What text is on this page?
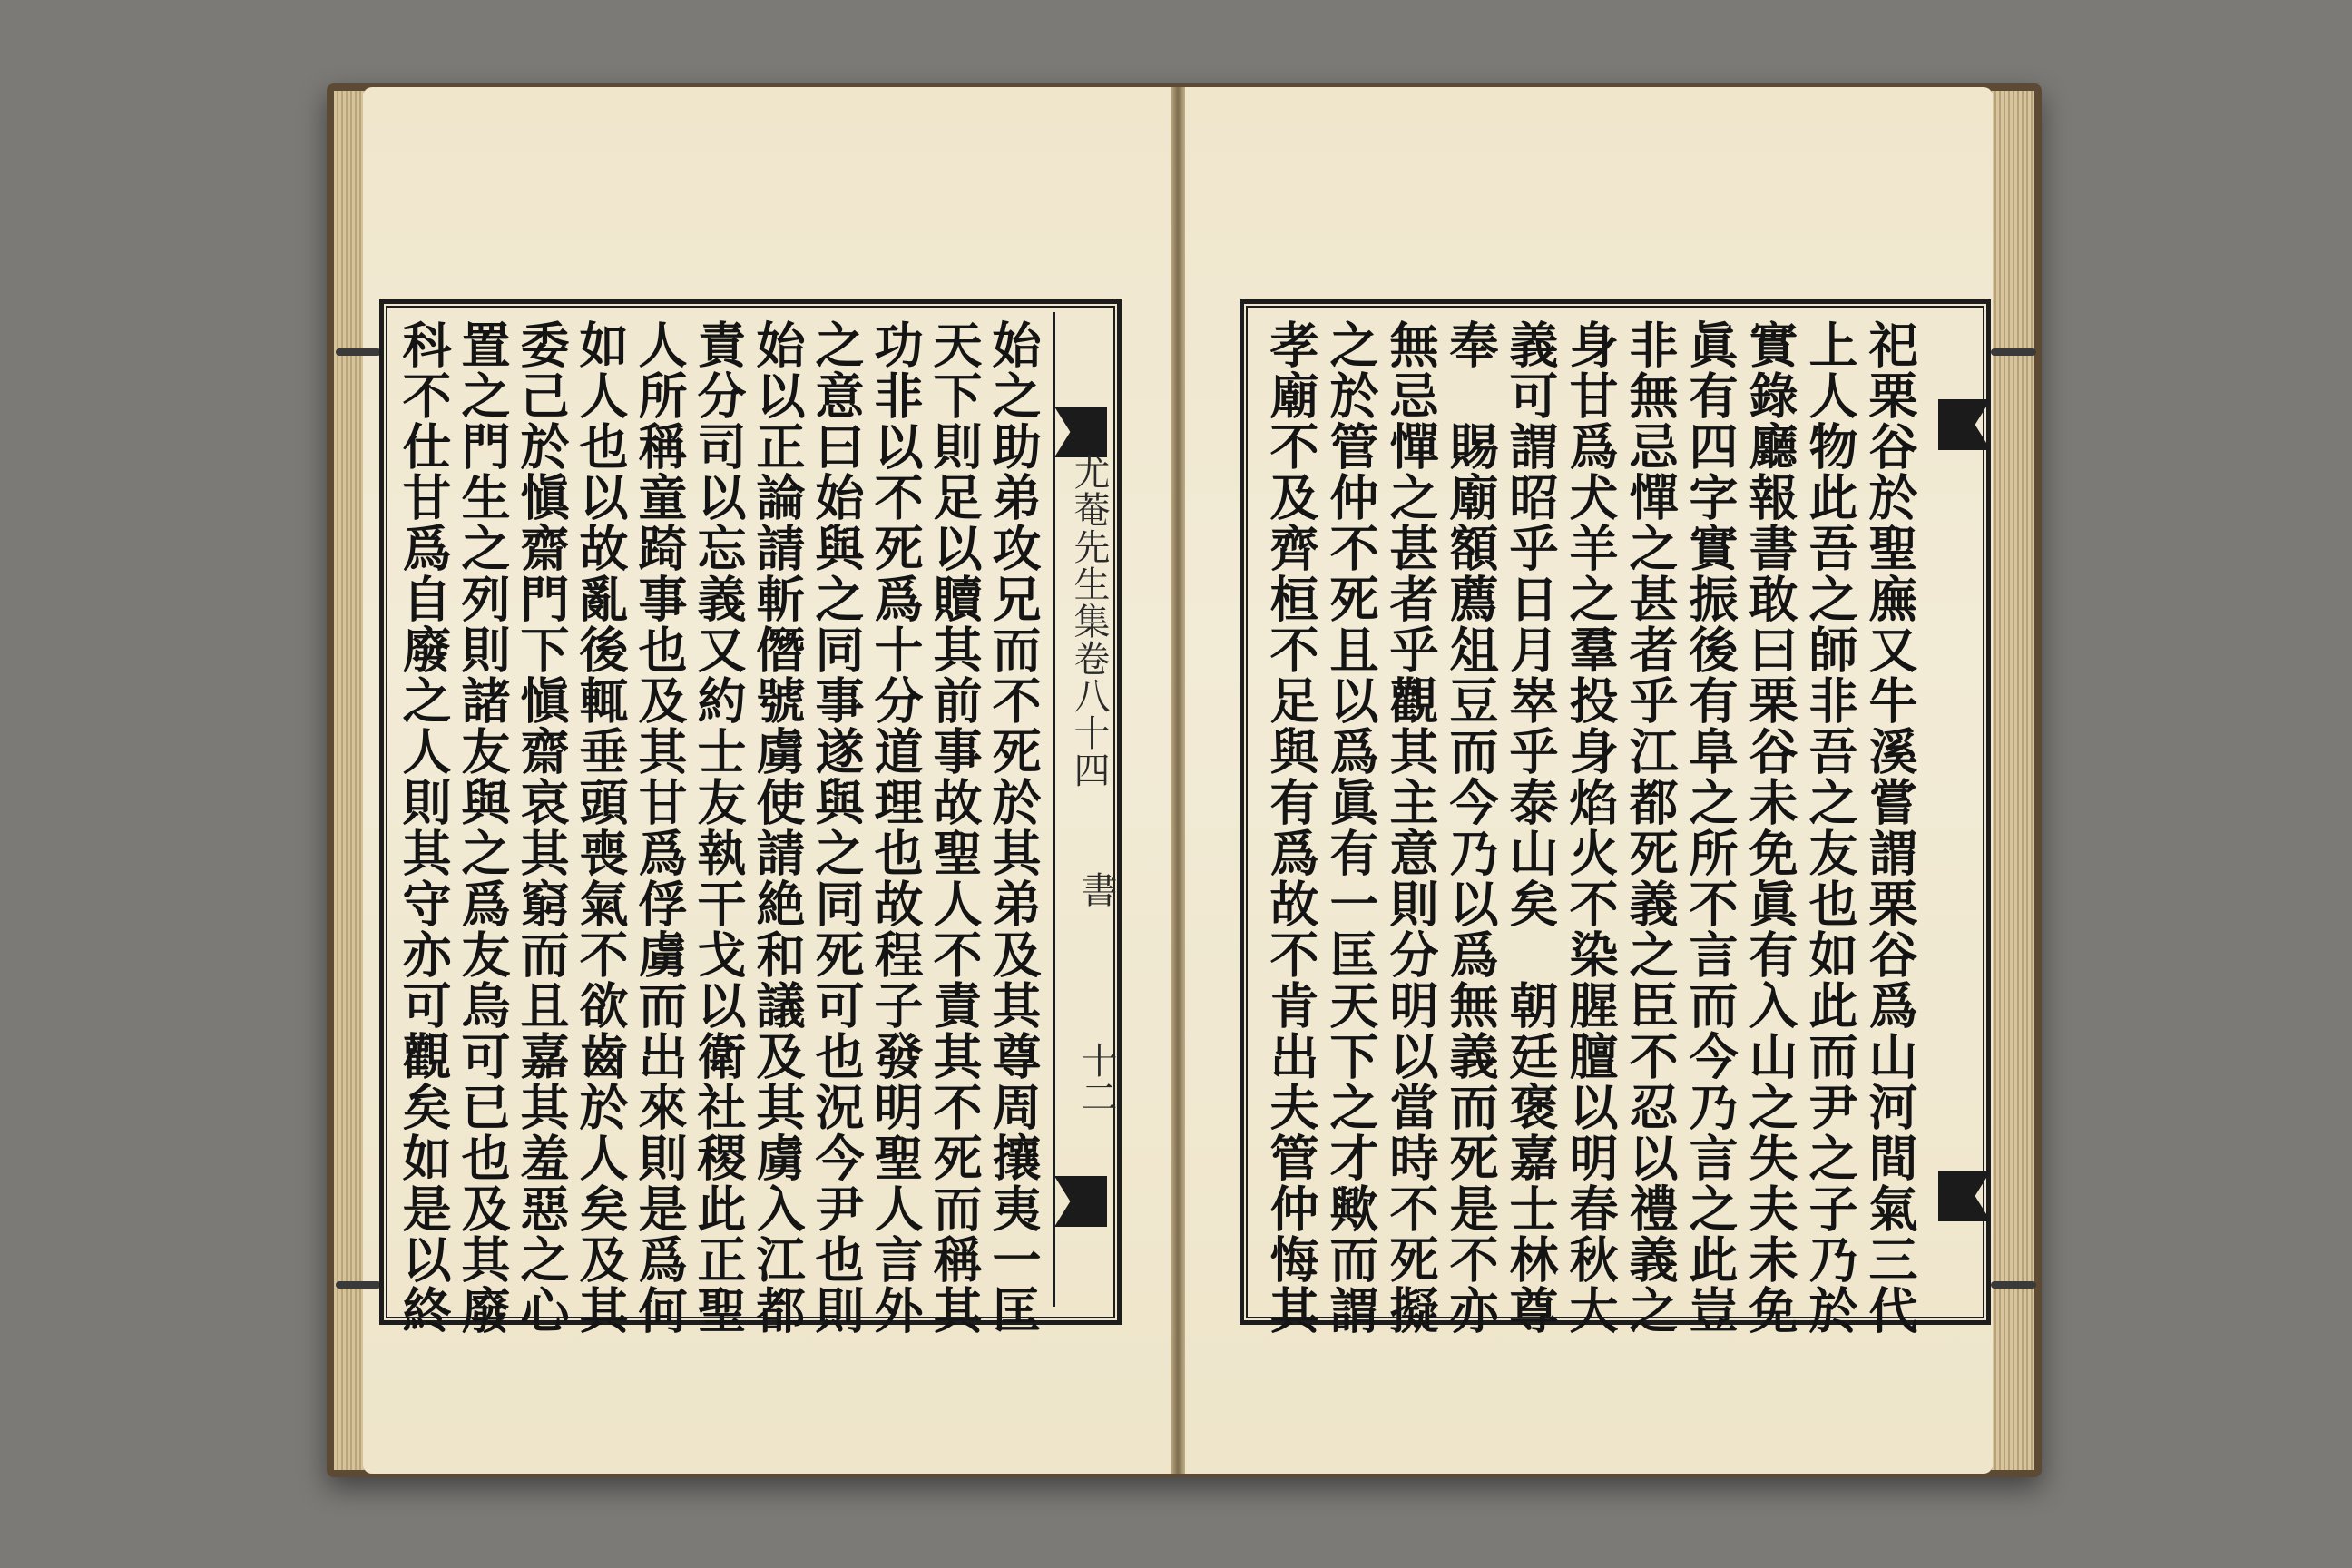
尤菴先生集卷八十四
書
十二
始之助弟攻兄而不死於其弟及其尊周攘夷一匡
天下則足以贖其前事故聖人不責其不死而稱其
功非以不死爲十分道理也故程子發明聖人言外
之意曰始與之同事遂與之同死可也況今尹也則
始以正論請斬僭號虜使請絶和議及其虜入江都
責分司以忘義又約士友執干戈以衛社稷此正聖
人所稱童踦事也及其甘爲俘虜而出來則是爲何
如人也以故亂後輒垂頭喪氣不欲齒於人矣及其
委己於愼齋門下愼齋哀其窮而且嘉其羞惡之心
置之門生之列則諸友與之爲友烏可已也及其廢
科不仕甘爲自廢之人則其守亦可觀矣如是以終	祀栗谷於聖廡又牛溪嘗謂栗谷爲山河間氣三代
上人物此吾之師非吾之友也如此而尹之子乃於
實錄廳報書敢曰栗谷未免眞有入山之失夫未免
眞有四字實振後有阜之所不言而今乃言之此豈
非無忌憚之甚者乎江都死義之臣不忍以禮義之
身甘爲犬羊之羣投身焰火不染腥膻以明春秋大
義可謂昭乎日月崒乎泰山矣　朝廷褒嘉士林尊
奉　賜廟額薦俎豆而今乃以爲無義而死是不亦
無忌憚之甚者乎觀其主意則分明以當時不死擬
之於管仲不死且以爲眞有一匡天下之才歟而謂
孝廟不及齊桓不足與有爲故不肯出夫管仲悔其
